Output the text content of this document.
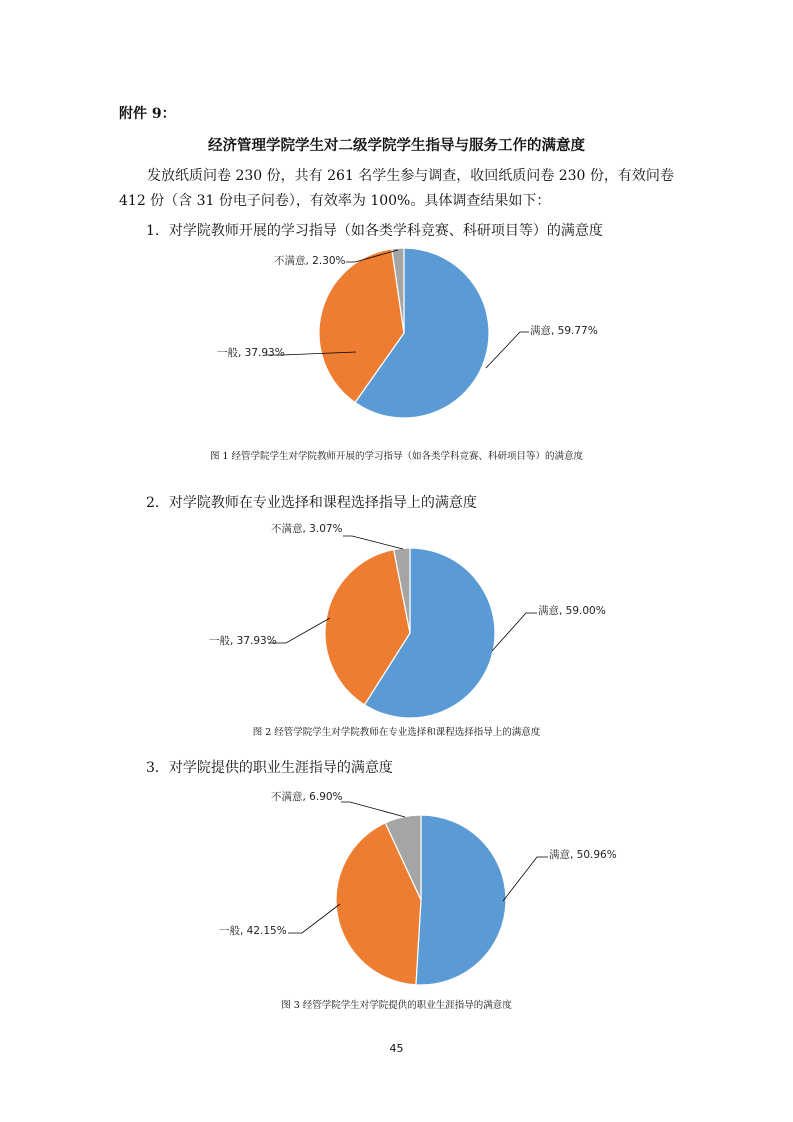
附件 9：
经济管理学院学生对二级学院学生指导与服务工作的满意度
发放纸质问卷 230 份，共有 261 名学生参与调查，收回纸质问卷 230 份，有效问卷 412 份（含 31 份电子问卷），有效率为 100%。具体调查结果如下：
1．对学院教师开展的学习指导（如各类学科竞赛、科研项目等）的满意度
满意, 59.77%
一般, 37.93%
不满意, 2.30%
图 1 经管学院学生对学院教师开展的学习指导（如各类学科竞赛、科研项目等）的满意度
2．对学院教师在专业选择和课程选择指导上的满意度
满意, 59.00%
一般, 37.93%
不满意, 3.07%
图 2 经管学院学生对学院教师在专业选择和课程选择指导上的满意度
3．对学院提供的职业生涯指导的满意度
满意, 50.96%
一般, 42.15%
不满意, 6.90%
图 3 经管学院学生对学院提供的职业生涯指导的满意度
45
